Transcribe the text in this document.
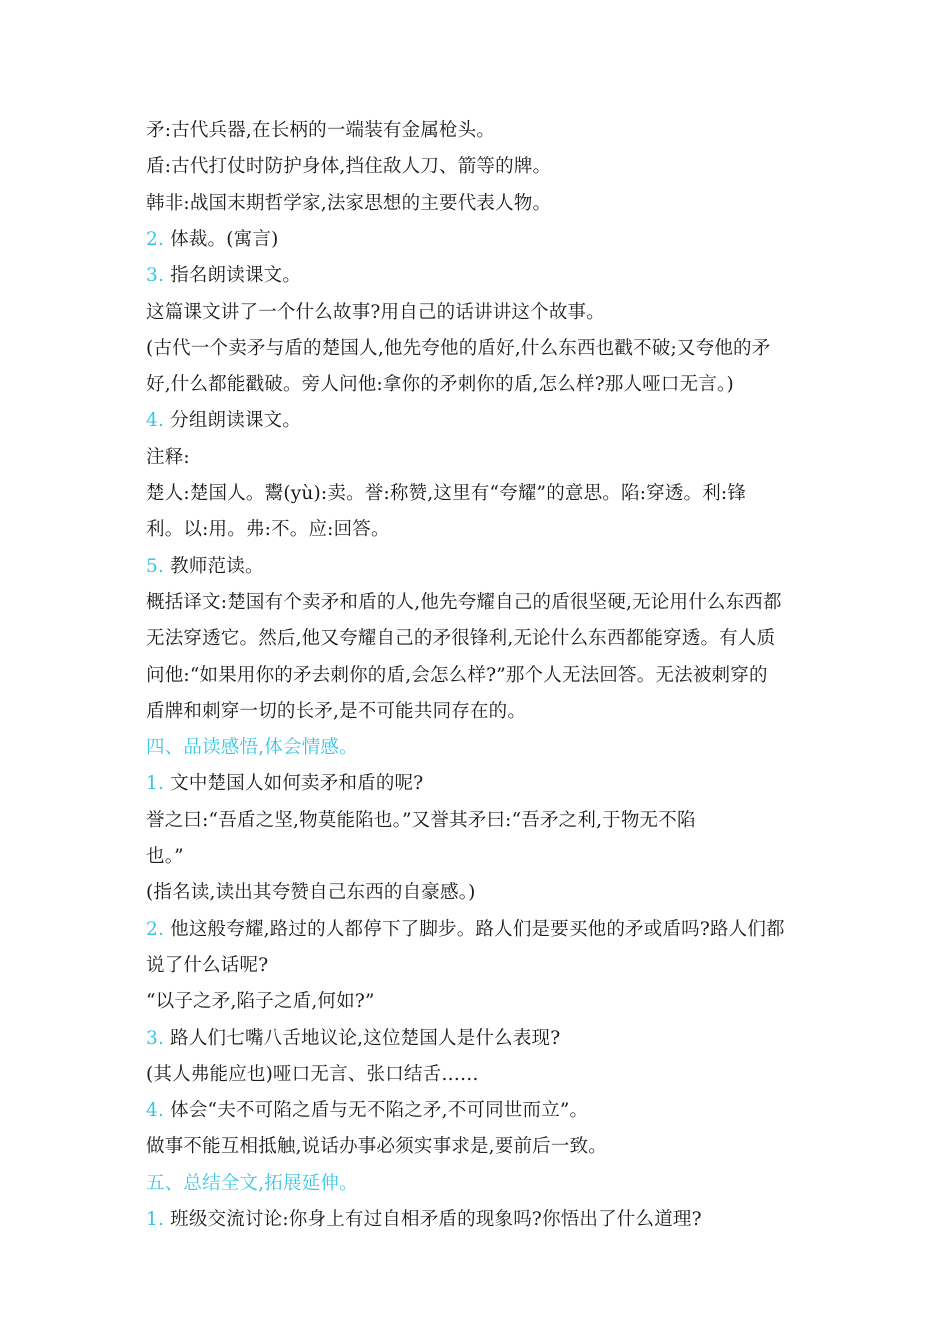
矛:古代兵器,在长柄的一端装有金属枪头。
盾:古代打仗时防护身体,挡住敌人刀、箭等的牌。
韩非:战国末期哲学家,法家思想的主要代表人物。
2. 体裁。(寓言)
3. 指名朗读课文。
这篇课文讲了一个什么故事?用自己的话讲讲这个故事。
(古代一个卖矛与盾的楚国人,他先夸他的盾好,什么东西也戳不破;又夸他的矛
好,什么都能戳破。旁人问他:拿你的矛刺你的盾,怎么样?那人哑口无言。)
4. 分组朗读课文。
注释:
楚人:楚国人。鬻(yù):卖。誉:称赞,这里有“夸耀”的意思。陷:穿透。利:锋
利。以:用。弗:不。应:回答。
5. 教师范读。
概括译文:楚国有个卖矛和盾的人,他先夸耀自己的盾很坚硬,无论用什么东西都
无法穿透它。然后,他又夸耀自己的矛很锋利,无论什么东西都能穿透。有人质
问他:“如果用你的矛去刺你的盾,会怎么样?”那个人无法回答。无法被刺穿的
盾牌和刺穿一切的长矛,是不可能共同存在的。
四、品读感悟,体会情感。
1. 文中楚国人如何卖矛和盾的呢?
誉之曰:“吾盾之坚,物莫能陷也。”又誉其矛曰:“吾矛之利,于物无不陷
也。”
(指名读,读出其夸赞自己东西的自豪感。)
2. 他这般夸耀,路过的人都停下了脚步。路人们是要买他的矛或盾吗?路人们都
说了什么话呢?
“以子之矛,陷子之盾,何如?”
3. 路人们七嘴八舌地议论,这位楚国人是什么表现?
(其人弗能应也)哑口无言、张口结舌……
4. 体会“夫不可陷之盾与无不陷之矛,不可同世而立”。
做事不能互相抵触,说话办事必须实事求是,要前后一致。
五、总结全文,拓展延伸。
1. 班级交流讨论:你身上有过自相矛盾的现象吗?你悟出了什么道理?
